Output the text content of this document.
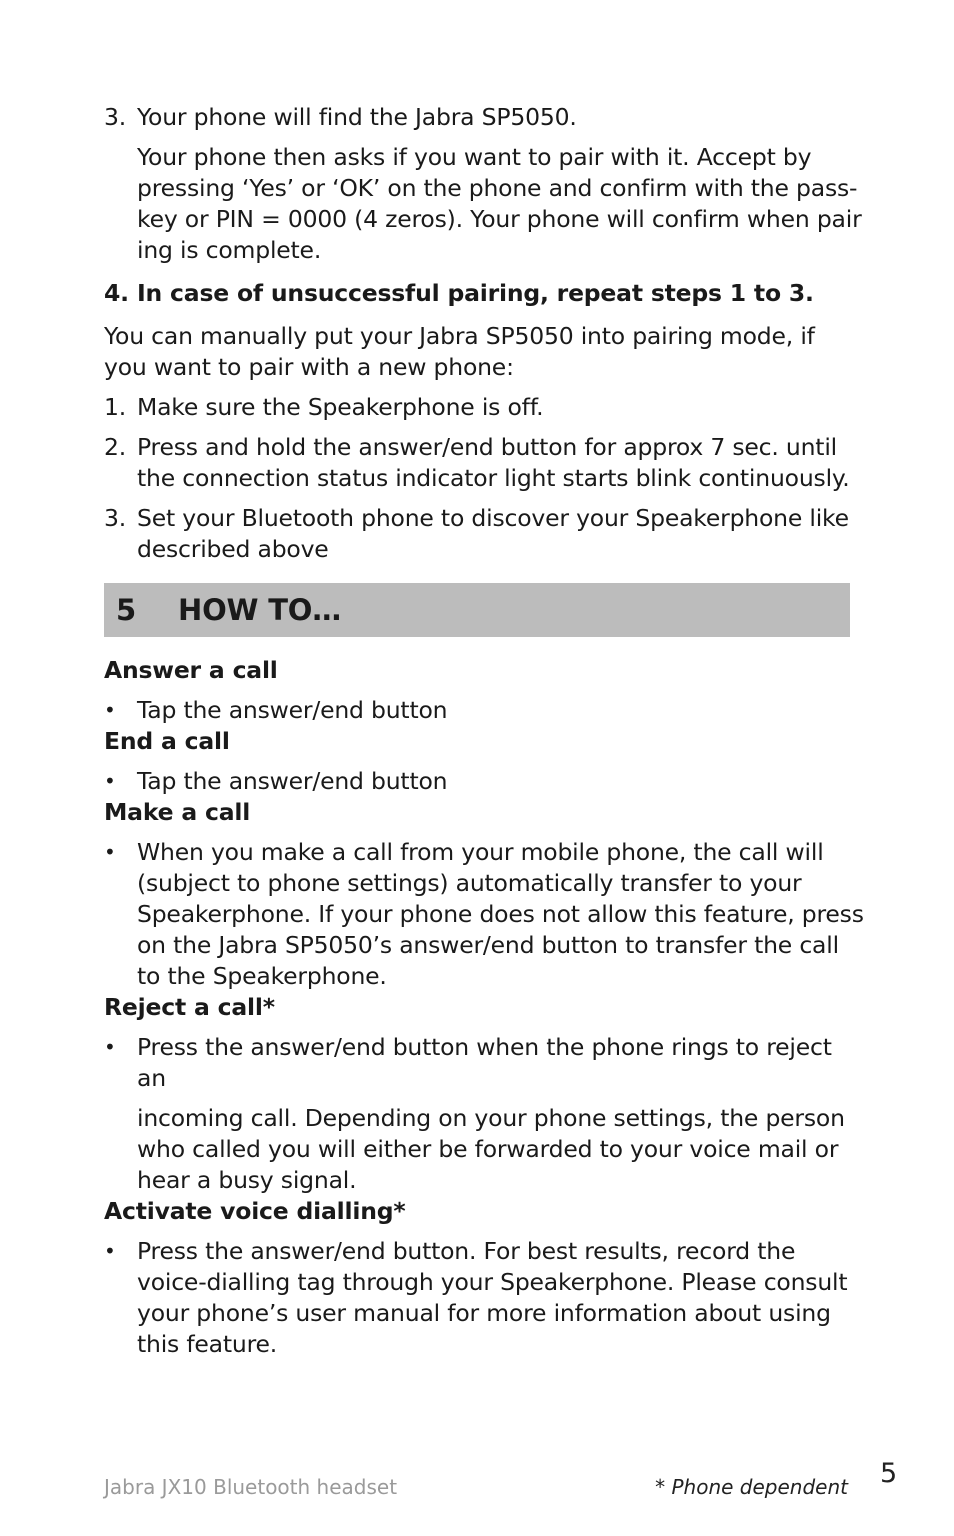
3. Your phone will find the Jabra SP5050.

Your phone then asks if you want to pair with it. Accept by pressing ‘Yes’ or ‘OK’ on the phone and confirm with the pass-key or PIN = 0000 (4 zeros). Your phone will confirm when pair ing is complete.

4. In case of unsuccessful pairing, repeat steps 1 to 3.

You can manually put your Jabra SP5050 into pairing mode, if you want to pair with a new phone:

1. Make sure the Speakerphone is off.

2. Press and hold the answer/end button for approx 7 sec. until the connection status indicator light starts blink continuously.

3. Set your Bluetooth phone to discover your Speakerphone like described above

5	HOW TO…

Answer a call

• Tap the answer/end button

End a call

• Tap the answer/end button

Make a call

• When you make a call from your mobile phone, the call will (subject to phone settings) automatically transfer to your Speakerphone. If your phone does not allow this feature, press on the Jabra SP5050’s answer/end button to transfer the call to the Speakerphone.

Reject a call*

• Press the answer/end button when the phone rings to reject an

incoming call. Depending on your phone settings, the person who called you will either be forwarded to your voice mail or hear a busy signal.

Activate voice dialling*

• Press the answer/end button. For best results, record the voice-dialling tag through your Speakerphone. Please consult your phone’s user manual for more information about using this feature.

Jabra JX10 Bluetooth headset	* Phone dependent 5
